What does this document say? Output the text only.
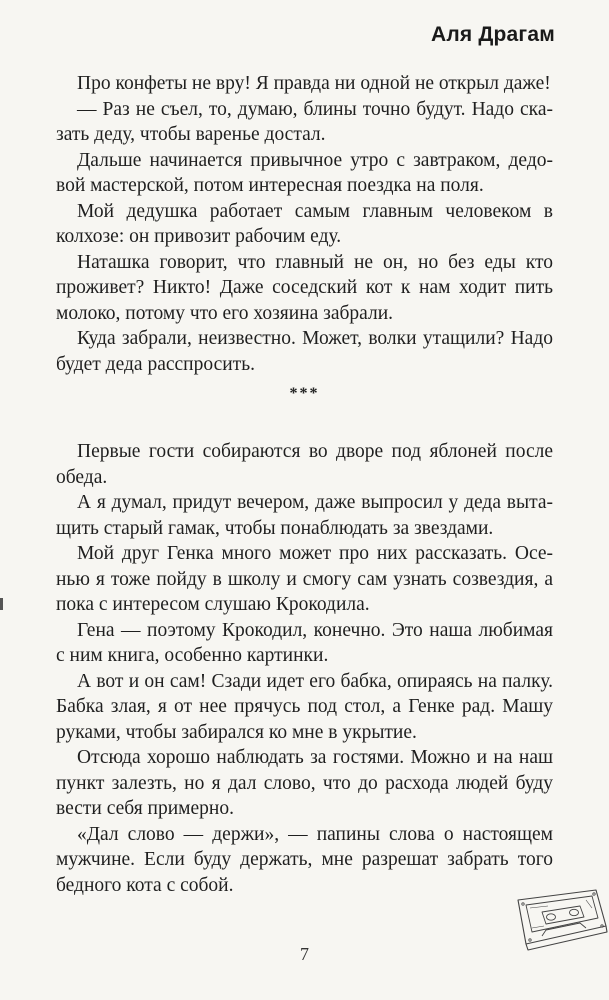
Аля Драгам

Про конфеты не вру! Я правда ни одной не открыл даже!

— Раз не съел, то, думаю, блины точно будут. Надо сказать деду, чтобы варенье достал.

Дальше начинается привычное утро с завтраком, дедовой мастерской, потом интересная поездка на поля.

Мой дедушка работает самым главным человеком в колхозе: он привозит рабочим еду.

Наташка говорит, что главный не он, но без еды кто проживет? Никто! Даже соседский кот к нам ходит пить молоко, потому что его хозяина забрали.

Куда забрали, неизвестно. Может, волки утащили? Надо будет деда расспросить.

***

Первые гости собираются во дворе под яблоней после обеда.

А я думал, придут вечером, даже выпросил у деда вытащить старый гамак, чтобы понаблюдать за звездами.

Мой друг Генка много может про них рассказать. Осенью я тоже пойду в школу и смогу сам узнать созвездия, а пока с интересом слушаю Крокодила.

Гена — поэтому Крокодил, конечно. Это наша любимая с ним книга, особенно картинки.

А вот и он сам! Сзади идет его бабка, опираясь на палку. Бабка злая, я от нее прячусь под стол, а Генке рад. Машу руками, чтобы забирался ко мне в укрытие.

Отсюда хорошо наблюдать за гостями. Можно и на наш пункт залезть, но я дал слово, что до расхода людей буду вести себя примерно.

«Дал слово — держи», — папины слова о настоящем мужчине. Если буду держать, мне разрешат забрать того бедного кота с собой.

7
